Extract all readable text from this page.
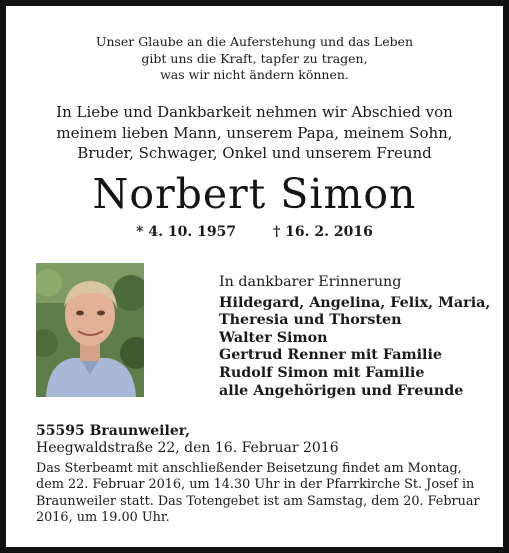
Unser Glaube an die Auferstehung und das Leben
gibt uns die Kraft, tapfer zu tragen,
was wir nicht ändern können.
In Liebe und Dankbarkeit nehmen wir Abschied von
meinem lieben Mann, unserem Papa, meinem Sohn,
Bruder, Schwager, Onkel und unserem Freund
Norbert Simon
* 4. 10. 1957	† 16. 2. 2016
In dankbarer Erinnerung
Hildegard, Angelina, Felix, Maria,
Theresia und Thorsten
Walter Simon
Gertrud Renner mit Familie
Rudolf Simon mit Familie
alle Angehörigen und Freunde
55595 Braunweiler,
Heegwaldstraße 22, den 16. Februar 2016
Das Sterbeamt mit anschließender Beisetzung findet am Montag,
dem 22. Februar 2016, um 14.30 Uhr in der Pfarrkirche St. Josef in
Braunweiler statt. Das Totengebet ist am Samstag, dem 20. Februar
2016, um 19.00 Uhr.
